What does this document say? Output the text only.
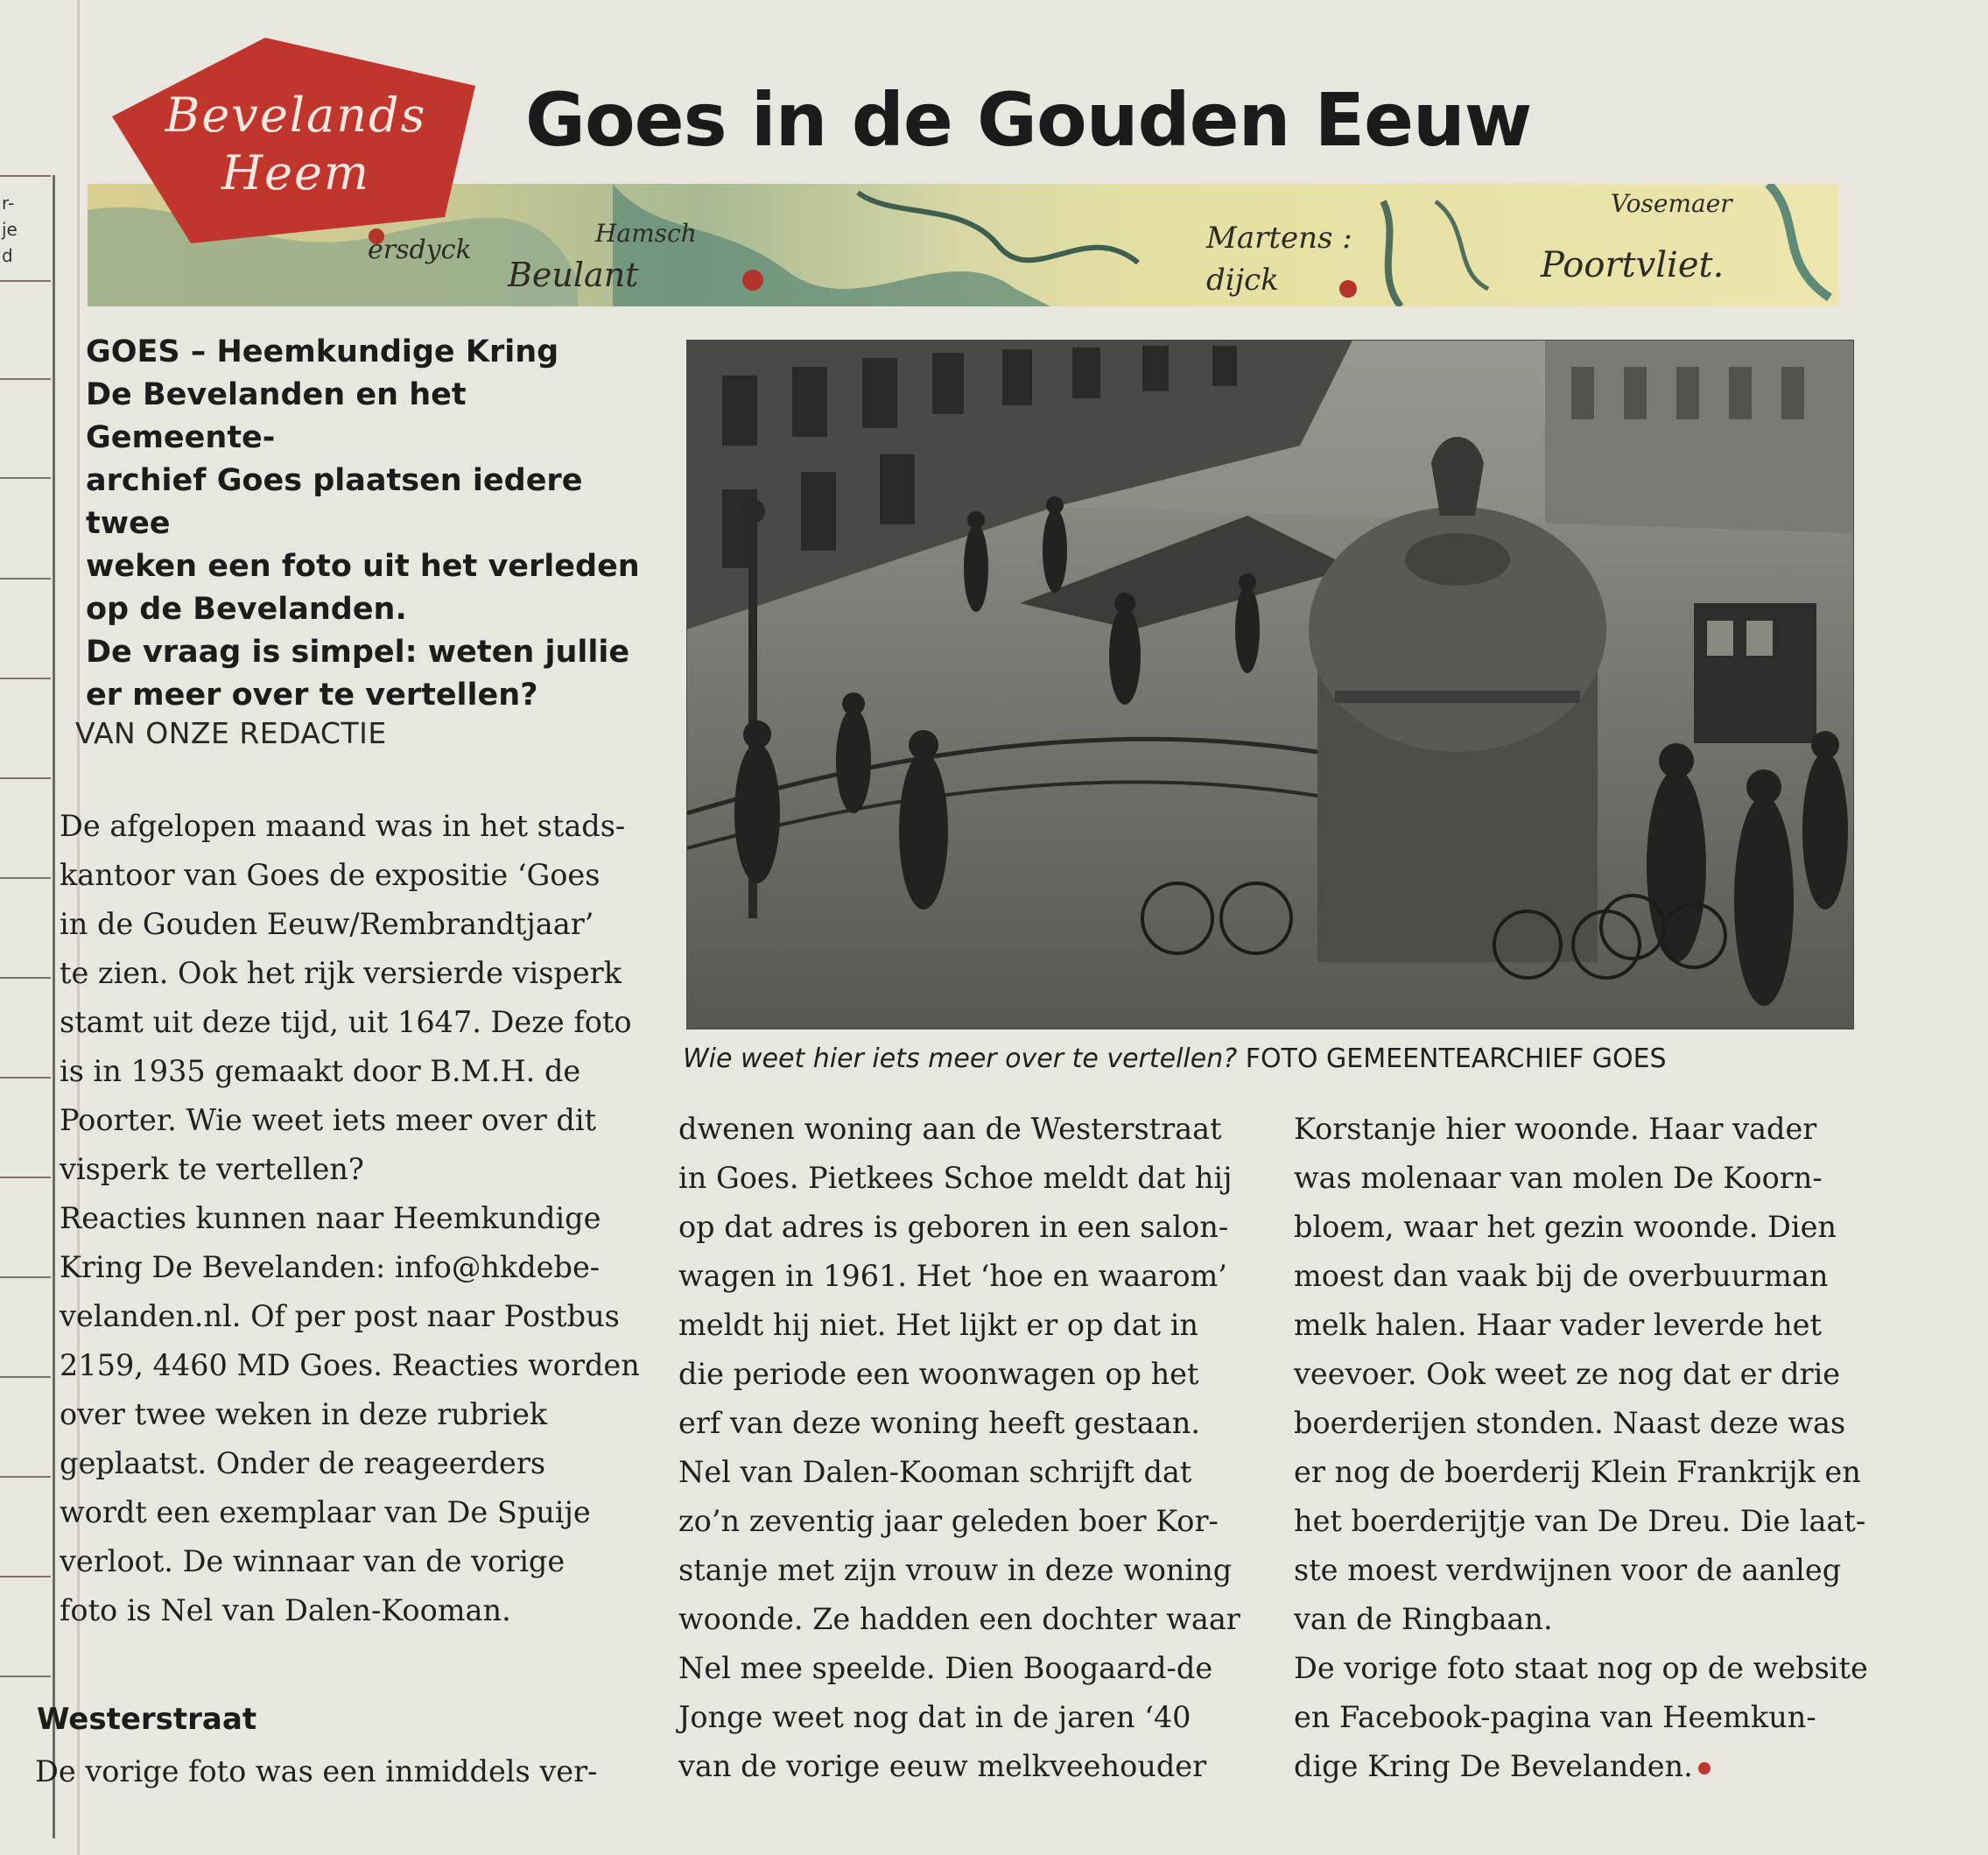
r-
je
d	ersdyck
Beulant
Hamsch	Martens :
dijck	Poortvliet.
Vosemaer
Bevelands
Heem
Goes in de Gouden Eeuw
GOES – Heemkundige Kring
De Bevelanden en het Gemeente-
archief Goes plaatsen iedere twee
weken een foto uit het verleden
op de Bevelanden.
De vraag is simpel: weten jullie
er meer over te vertellen?

VAN ONZE REDACTIE

De afgelopen maand was in het stads-

kantoor van Goes de expositie ‘Goes

in de Gouden Eeuw/Rembrandtjaar’

te zien. Ook het rijk versierde visperk

stamt uit deze tijd, uit 1647. Deze foto

is in 1935 gemaakt door B.M.H. de

Poorter. Wie weet iets meer over dit

visperk te vertellen?

Reacties kunnen naar Heemkundige

Kring De Bevelanden: info@hkdebe-

velanden.nl. Of per post naar Postbus

2159, 4460 MD Goes. Reacties worden

over twee weken in deze rubriek

geplaatst. Onder de reageerders

wordt een exemplaar van De Spuije

verloot. De winnaar van de vorige

foto is Nel van Dalen-Kooman.

Westerstraat

De vorige foto was een inmiddels ver-

Wie weet hier iets meer over te vertellen? FOTO GEMEENTEARCHIEF GOES

dwenen woning aan de Westerstraat

in Goes. Pietkees Schoe meldt dat hij

op dat adres is geboren in een salon-

wagen in 1961. Het ‘hoe en waarom’

meldt hij niet. Het lijkt er op dat in

die periode een woonwagen op het

erf van deze woning heeft gestaan.

Nel van Dalen-Kooman schrijft dat

zo’n zeventig jaar geleden boer Kor-

stanje met zijn vrouw in deze woning

woonde. Ze hadden een dochter waar

Nel mee speelde. Dien Boogaard-de

Jonge weet nog dat in de jaren ‘40

van de vorige eeuw melkveehouder

Korstanje hier woonde. Haar vader

was molenaar van molen De Koorn-

bloem, waar het gezin woonde. Dien

moest dan vaak bij de overbuurman

melk halen. Haar vader leverde het

veevoer. Ook weet ze nog dat er drie

boerderijen stonden. Naast deze was

er nog de boerderij Klein Frankrijk en

het boerderijtje van De Dreu. Die laat-

ste moest verdwijnen voor de aanleg

van de Ringbaan.

De vorige foto staat nog op de website

en Facebook-pagina van Heemkun-

dige Kring De Bevelanden.
